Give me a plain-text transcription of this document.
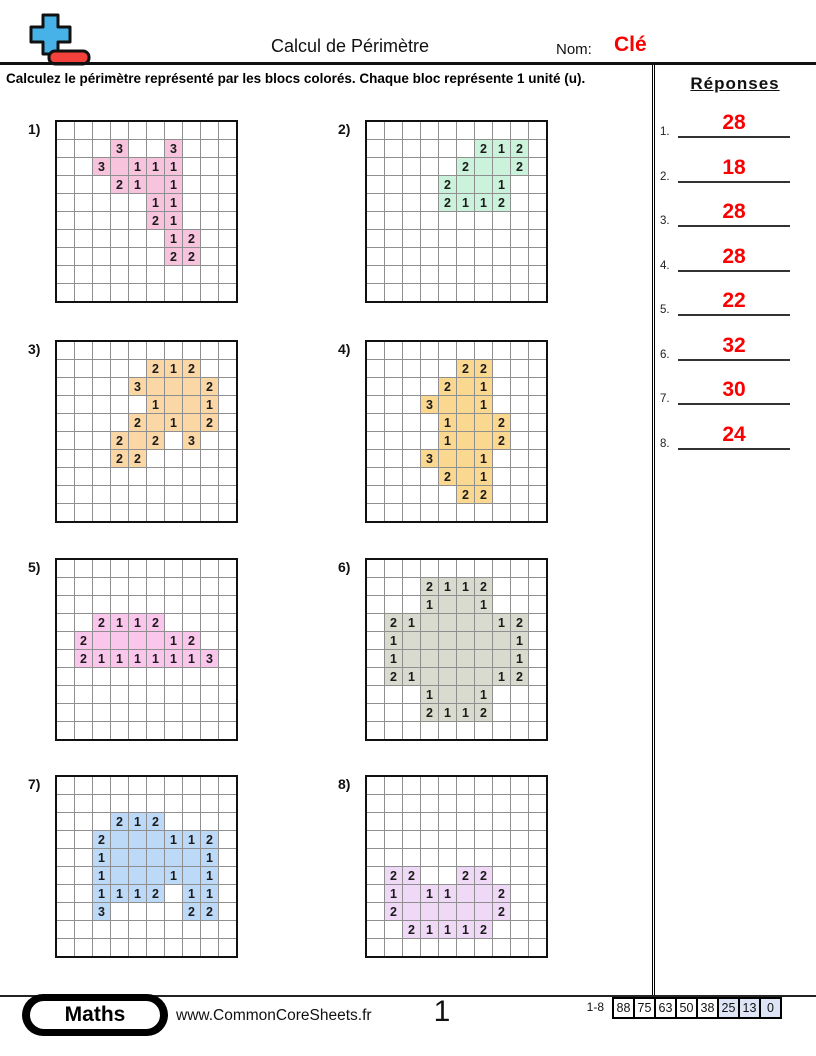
Calcul de Périmètre	Nom: Clé
Calculez le périmètre représenté par les blocs colorés. Chaque bloc représente 1 unité (u).
1)
3	3
3	1 1 1
2 1	1
1 1
2 1
1 2
2 2
2)
2 1 2
2	2
2	1
2 1 1 2
3)
2 1 2
3	2
1	1
2	1	2
2	2	3
2 2
4)
2 2
2	1
3	1
1	2
1	2
3	1
2	1
2 2
5)
2 1 1 2
2	1 2
2 1 1 1 1 1 1 3
6)
2 1 1 2
1	1
2 1	1 2
1	1
1	1
2 1	1 2
1	1
2 1 1 2
7)
2 1 2
2	1 1 2
1	1
1	1	1
1 1 1 2	1 1
3	2 2
8)
2 2	2 2
1	1 1	2
2	2
2 1 1 1 2
Réponses
1.	28
2.	18
3.	28
4.	28
5.	22
6.	32
7.	30
8.	24
Maths	www.CommonCoreSheets.fr	1	1-8	88 75 63 50 38 25 13 0
